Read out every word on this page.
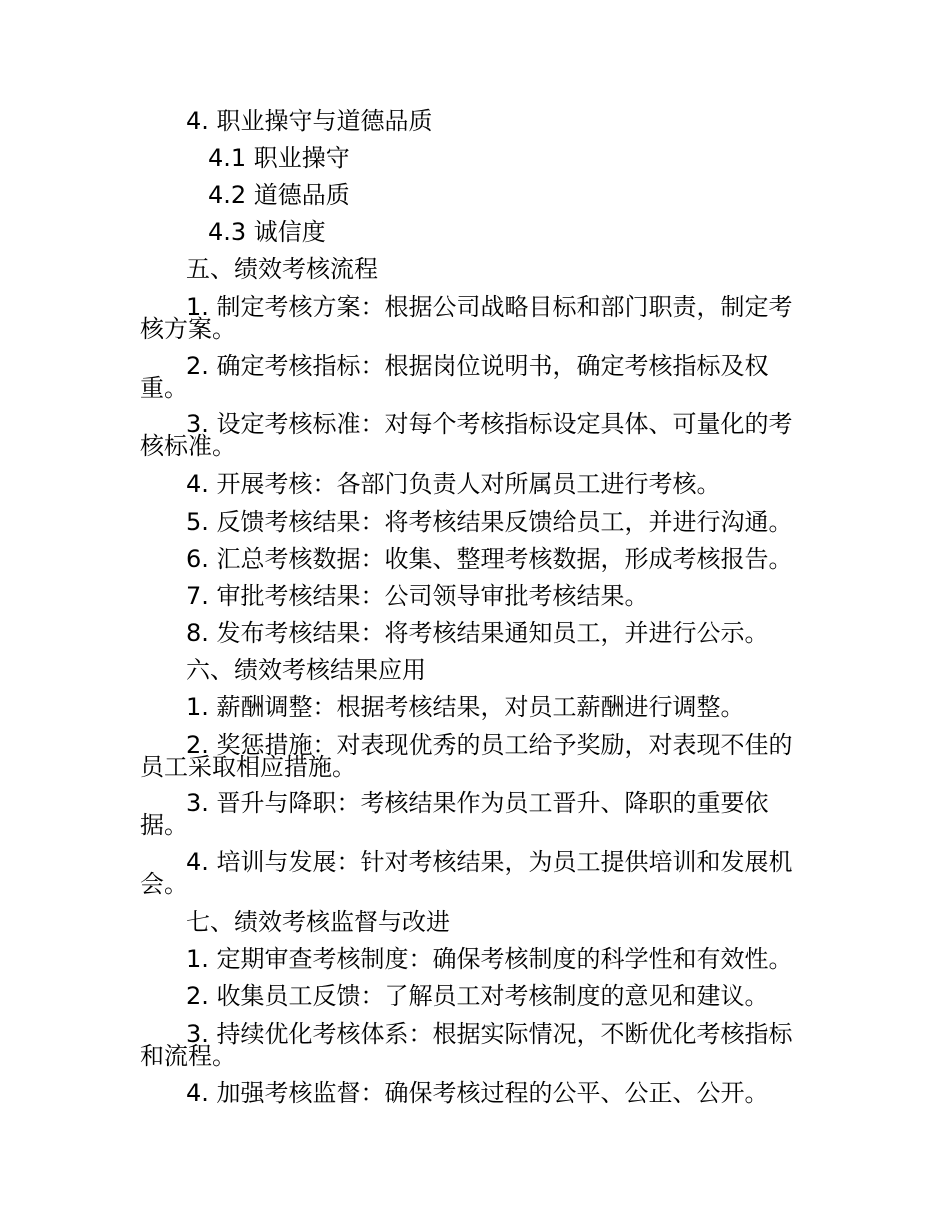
4. 职业操守与道德品质
4.1 职业操守
4.2 道德品质
4.3 诚信度
五、绩效考核流程
1. 制定考核方案：根据公司战略目标和部门职责，制定考核方案。
2. 确定考核指标：根据岗位说明书，确定考核指标及权重。
3. 设定考核标准：对每个考核指标设定具体、可量化的考核标准。
4. 开展考核：各部门负责人对所属员工进行考核。
5. 反馈考核结果：将考核结果反馈给员工，并进行沟通。
6. 汇总考核数据：收集、整理考核数据，形成考核报告。
7. 审批考核结果：公司领导审批考核结果。
8. 发布考核结果：将考核结果通知员工，并进行公示。
六、绩效考核结果应用
1. 薪酬调整：根据考核结果，对员工薪酬进行调整。
2. 奖惩措施：对表现优秀的员工给予奖励，对表现不佳的员工采取相应措施。
3. 晋升与降职：考核结果作为员工晋升、降职的重要依据。
4. 培训与发展：针对考核结果，为员工提供培训和发展机会。
七、绩效考核监督与改进
1. 定期审查考核制度：确保考核制度的科学性和有效性。
2. 收集员工反馈：了解员工对考核制度的意见和建议。
3. 持续优化考核体系：根据实际情况，不断优化考核指标和流程。
4. 加强考核监督：确保考核过程的公平、公正、公开。
